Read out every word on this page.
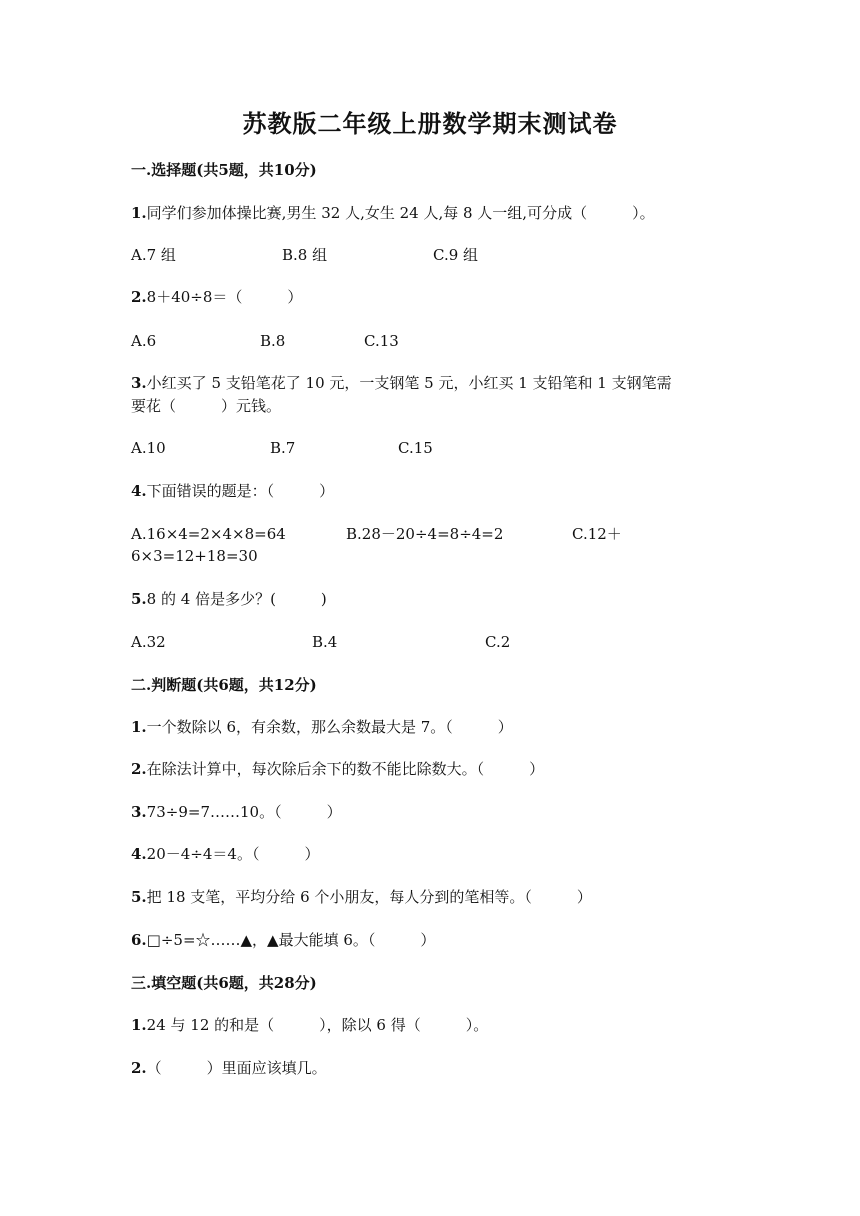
苏教版二年级上册数学期末测试卷
一.选择题(共5题，共10分)
1.同学们参加体操比赛,男生 32 人,女生 24 人,每 8 人一组,可分成（　　　）。
A.7 组	B.8 组	C.9 组
2.8＋40÷8＝（　　　）
A.6	B.8	C.13
3.小红买了 5 支铅笔花了 10 元，一支钢笔 5 元，小红买 1 支铅笔和 1 支钢笔需
要花（　　　）元钱。
A.10	B.7	C.15
4.下面错误的题是：（　　　）
A.16×4=2×4×8=64	B.28－20÷4=8÷4=2	C.12＋
6×3=12+18=30
5.8 的 4 倍是多少？(　　　)
A.32	B.4	C.2
二.判断题(共6题，共12分)
1.一个数除以 6，有余数，那么余数最大是 7。（　　　）
2.在除法计算中，每次除后余下的数不能比除数大。（　　　）
3.73÷9=7……10。（　　　）
4.20－4÷4＝4。（　　　）
5.把 18 支笔，平均分给 6 个小朋友，每人分到的笔相等。（　　　）
6.□÷5=☆……▲，▲最大能填 6。（　　　）
三.填空题(共6题，共28分)
1.24 与 12 的和是（　　　），除以 6 得（　　　）。
2.（　　　）里面应该填几。
